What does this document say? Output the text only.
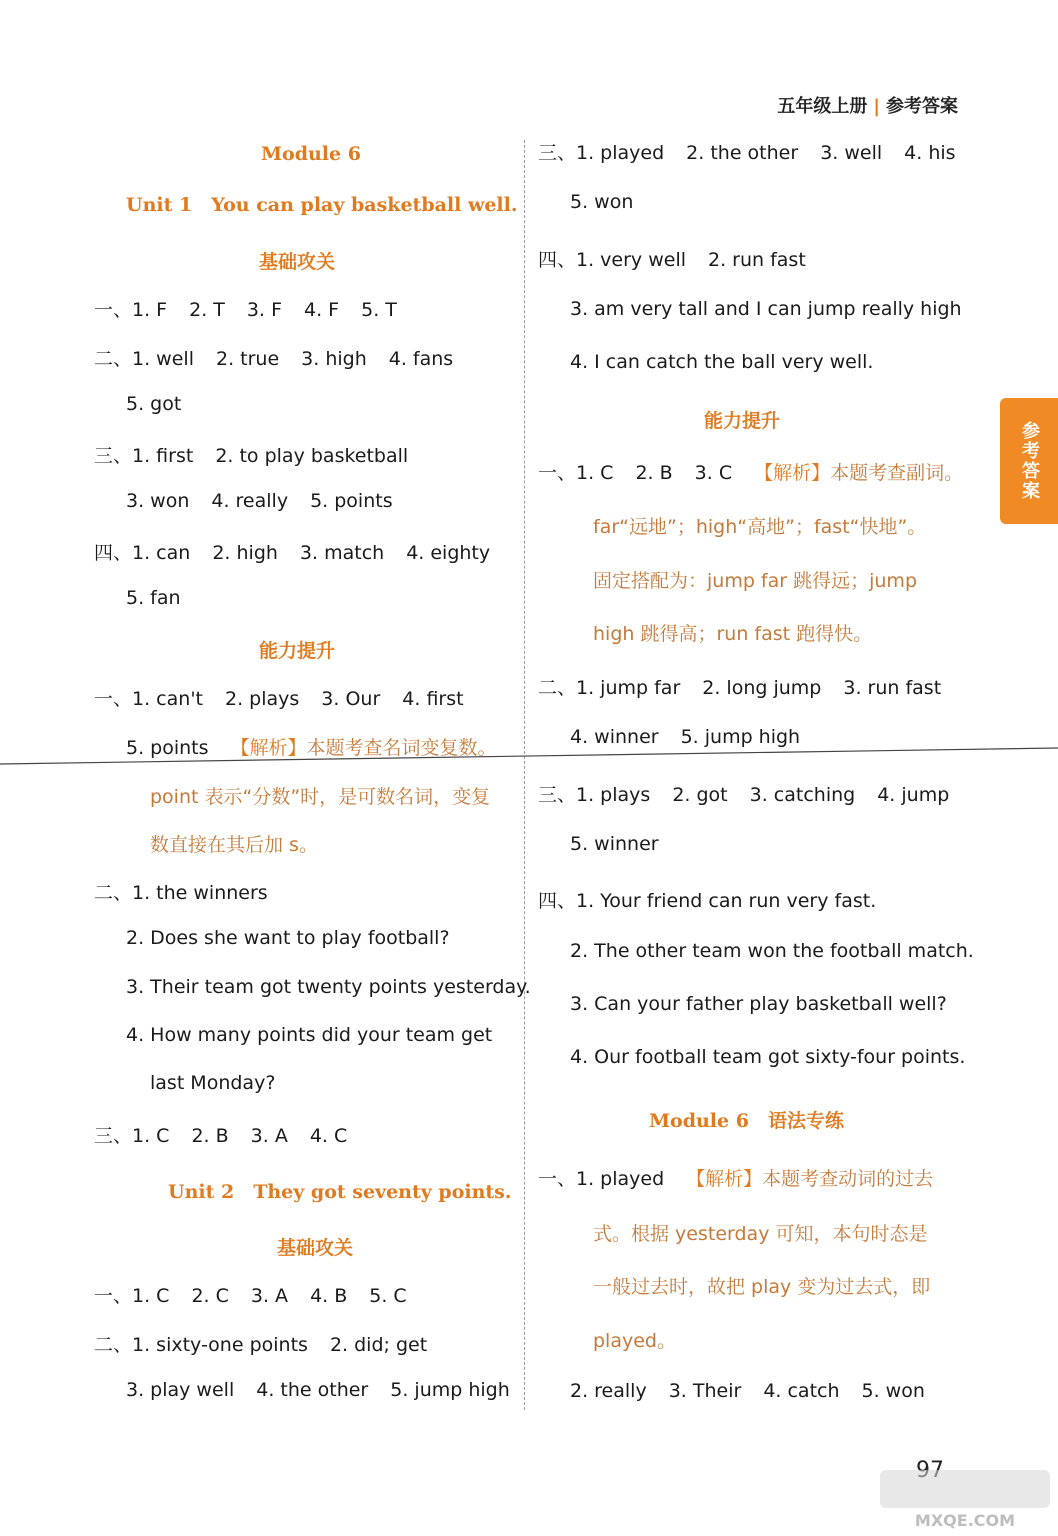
五年级上册 | 参考答案
参考答案
Module 6
Unit 1　You can play basketball well.
基础攻关
一、1. F 2. T 3. F 4. F 5. T
二、1. well 2. true 3. high 4. fans
5. got
三、1. first 2. to play basketball
3. won 4. really 5. points
四、1. can 2. high 3. match 4. eighty
5. fan
能力提升
一、1. can't 2. plays 3. Our 4. first
5. points 【解析】本题考查名词变复数。
point 表示“分数”时，是可数名词，变复
数直接在其后加 s。
二、1. the winners
2. Does she want to play football?
3. Their team got twenty points yesterday.
4. How many points did your team get
last Monday?
三、1. C 2. B 3. A 4. C
Unit 2　They got seventy points.
基础攻关
一、1. C 2. C 3. A 4. B 5. C
二、1. sixty-one points 2. did; get
3. play well 4. the other 5. jump high
三、1. played 2. the other 3. well 4. his
5. won
四、1. very well 2. run fast
3. am very tall and I can jump really high
4. I can catch the ball very well.
能力提升
一、1. C 2. B 3. C 【解析】本题考查副词。
far“远地”；high“高地”；fast“快地”。
固定搭配为：jump far 跳得远；jump
high 跳得高；run fast 跑得快。
二、1. jump far 2. long jump 3. run fast
4. winner 5. jump high
三、1. plays 2. got 3. catching 4. jump
5. winner
四、1. Your friend can run very fast.
2. The other team won the football match.
3. Can your father play basketball well?
4. Our football team got sixty-four points.
Module 6　语法专练
一、1. played 【解析】本题考查动词的过去
式。根据 yesterday 可知，本句时态是
一般过去时，故把 play 变为过去式，即
played。
2. really 3. Their 4. catch 5. won
MXQE.COM
